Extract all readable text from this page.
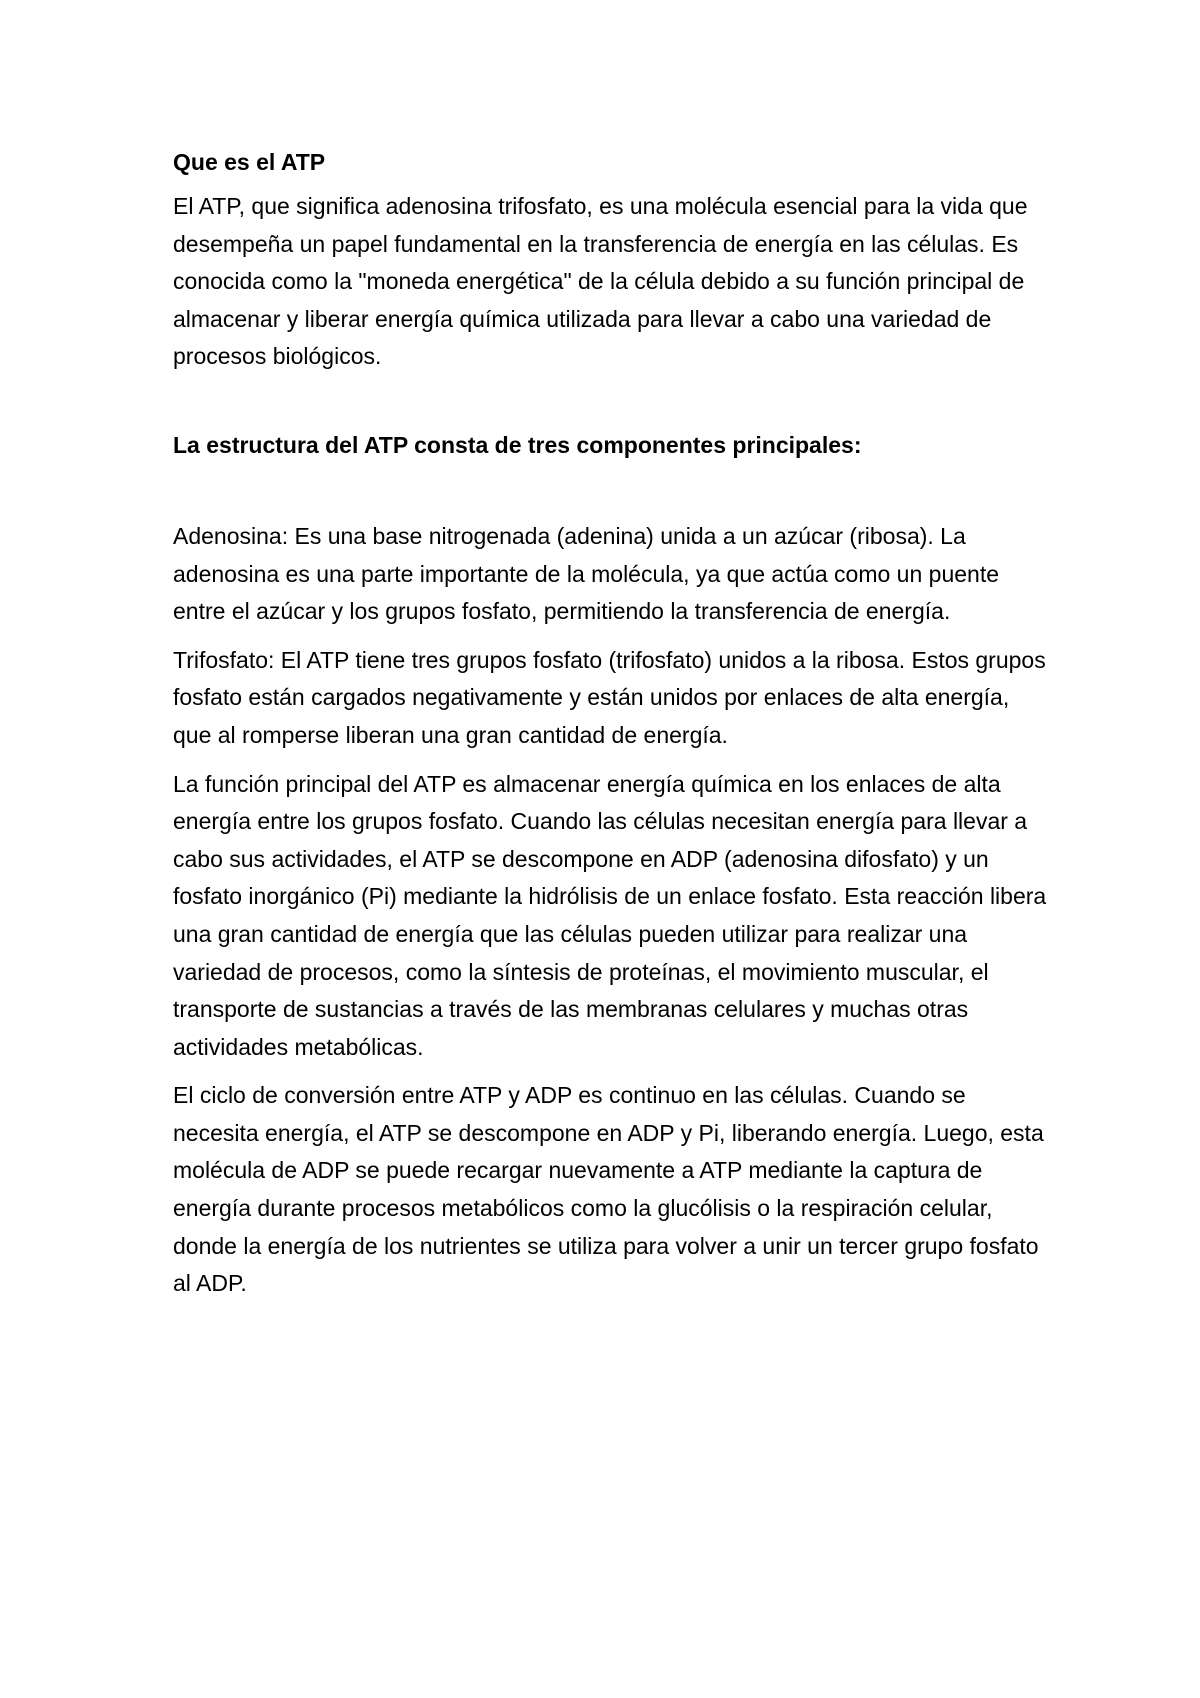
Que es el ATP
El ATP, que significa adenosina trifosfato, es una molécula esencial para la vida que desempeña un papel fundamental en la transferencia de energía en las células. Es conocida como la "moneda energética" de la célula debido a su función principal de almacenar y liberar energía química utilizada para llevar a cabo una variedad de procesos biológicos.
La estructura del ATP consta de tres componentes principales:
Adenosina: Es una base nitrogenada (adenina) unida a un azúcar (ribosa). La adenosina es una parte importante de la molécula, ya que actúa como un puente entre el azúcar y los grupos fosfato, permitiendo la transferencia de energía.
Trifosfato: El ATP tiene tres grupos fosfato (trifosfato) unidos a la ribosa. Estos grupos fosfato están cargados negativamente y están unidos por enlaces de alta energía, que al romperse liberan una gran cantidad de energía.
La función principal del ATP es almacenar energía química en los enlaces de alta energía entre los grupos fosfato. Cuando las células necesitan energía para llevar a cabo sus actividades, el ATP se descompone en ADP (adenosina difosfato) y un fosfato inorgánico (Pi) mediante la hidrólisis de un enlace fosfato. Esta reacción libera una gran cantidad de energía que las células pueden utilizar para realizar una variedad de procesos, como la síntesis de proteínas, el movimiento muscular, el transporte de sustancias a través de las membranas celulares y muchas otras actividades metabólicas.
El ciclo de conversión entre ATP y ADP es continuo en las células. Cuando se necesita energía, el ATP se descompone en ADP y Pi, liberando energía. Luego, esta molécula de ADP se puede recargar nuevamente a ATP mediante la captura de energía durante procesos metabólicos como la glucólisis o la respiración celular, donde la energía de los nutrientes se utiliza para volver a unir un tercer grupo fosfato al ADP.
